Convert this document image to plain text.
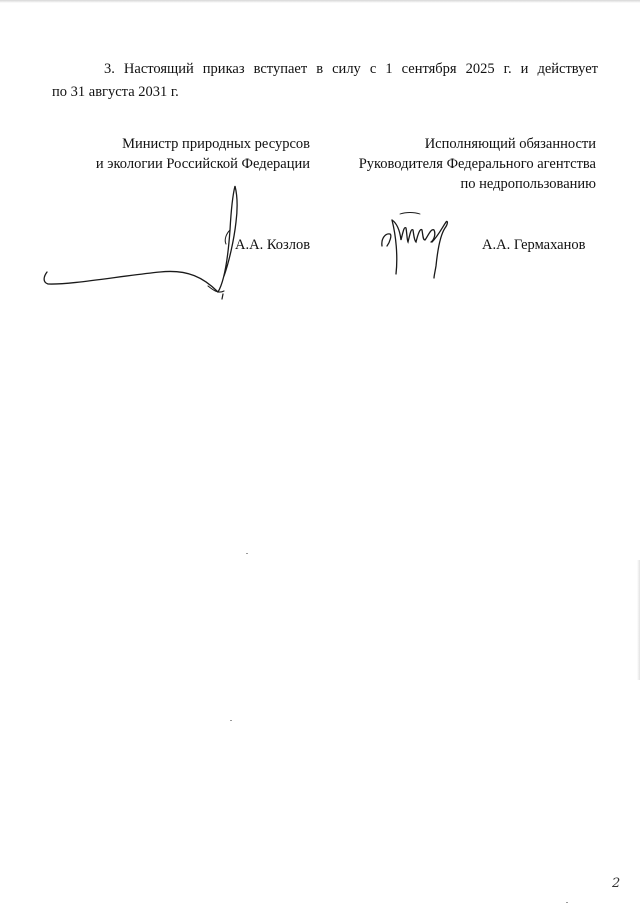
3. Настоящий приказ вступает в силу с 1 сентября 2025 г. и действует
по 31 августа 2031 г.
Министр природных ресурсов
и экологии Российской Федерации
А.А. Козлов
Исполняющий обязанности
Руководителя Федерального агентства
по недропользованию
А.А. Гермаханов
2
